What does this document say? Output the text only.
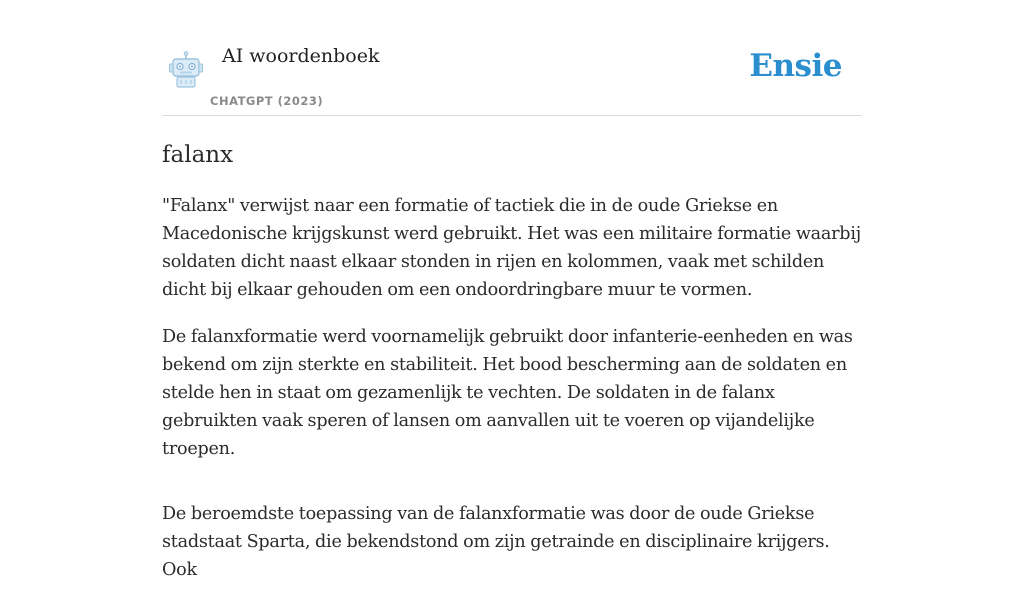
AI woordenboek
CHATGPT (2023)
Ensie
falanx

"Falanx" verwijst naar een formatie of tactiek die in de oude Griekse en Macedonische krijgskunst werd gebruikt. Het was een militaire formatie waarbij soldaten dicht naast elkaar stonden in rijen en kolommen, vaak met schilden dicht bij elkaar gehouden om een ondoordringbare muur te vormen.

De falanxformatie werd voornamelijk gebruikt door infanterie-eenheden en was bekend om zijn sterkte en stabiliteit. Het bood bescherming aan de soldaten en stelde hen in staat om gezamenlijk te vechten. De soldaten in de falanx gebruikten vaak speren of lansen om aanvallen uit te voeren op vijandelijke troepen.

De beroemdste toepassing van de falanxformatie was door de oude Griekse stadstaat Sparta, die bekendstond om zijn getrainde en disciplinaire krijgers. Ook
